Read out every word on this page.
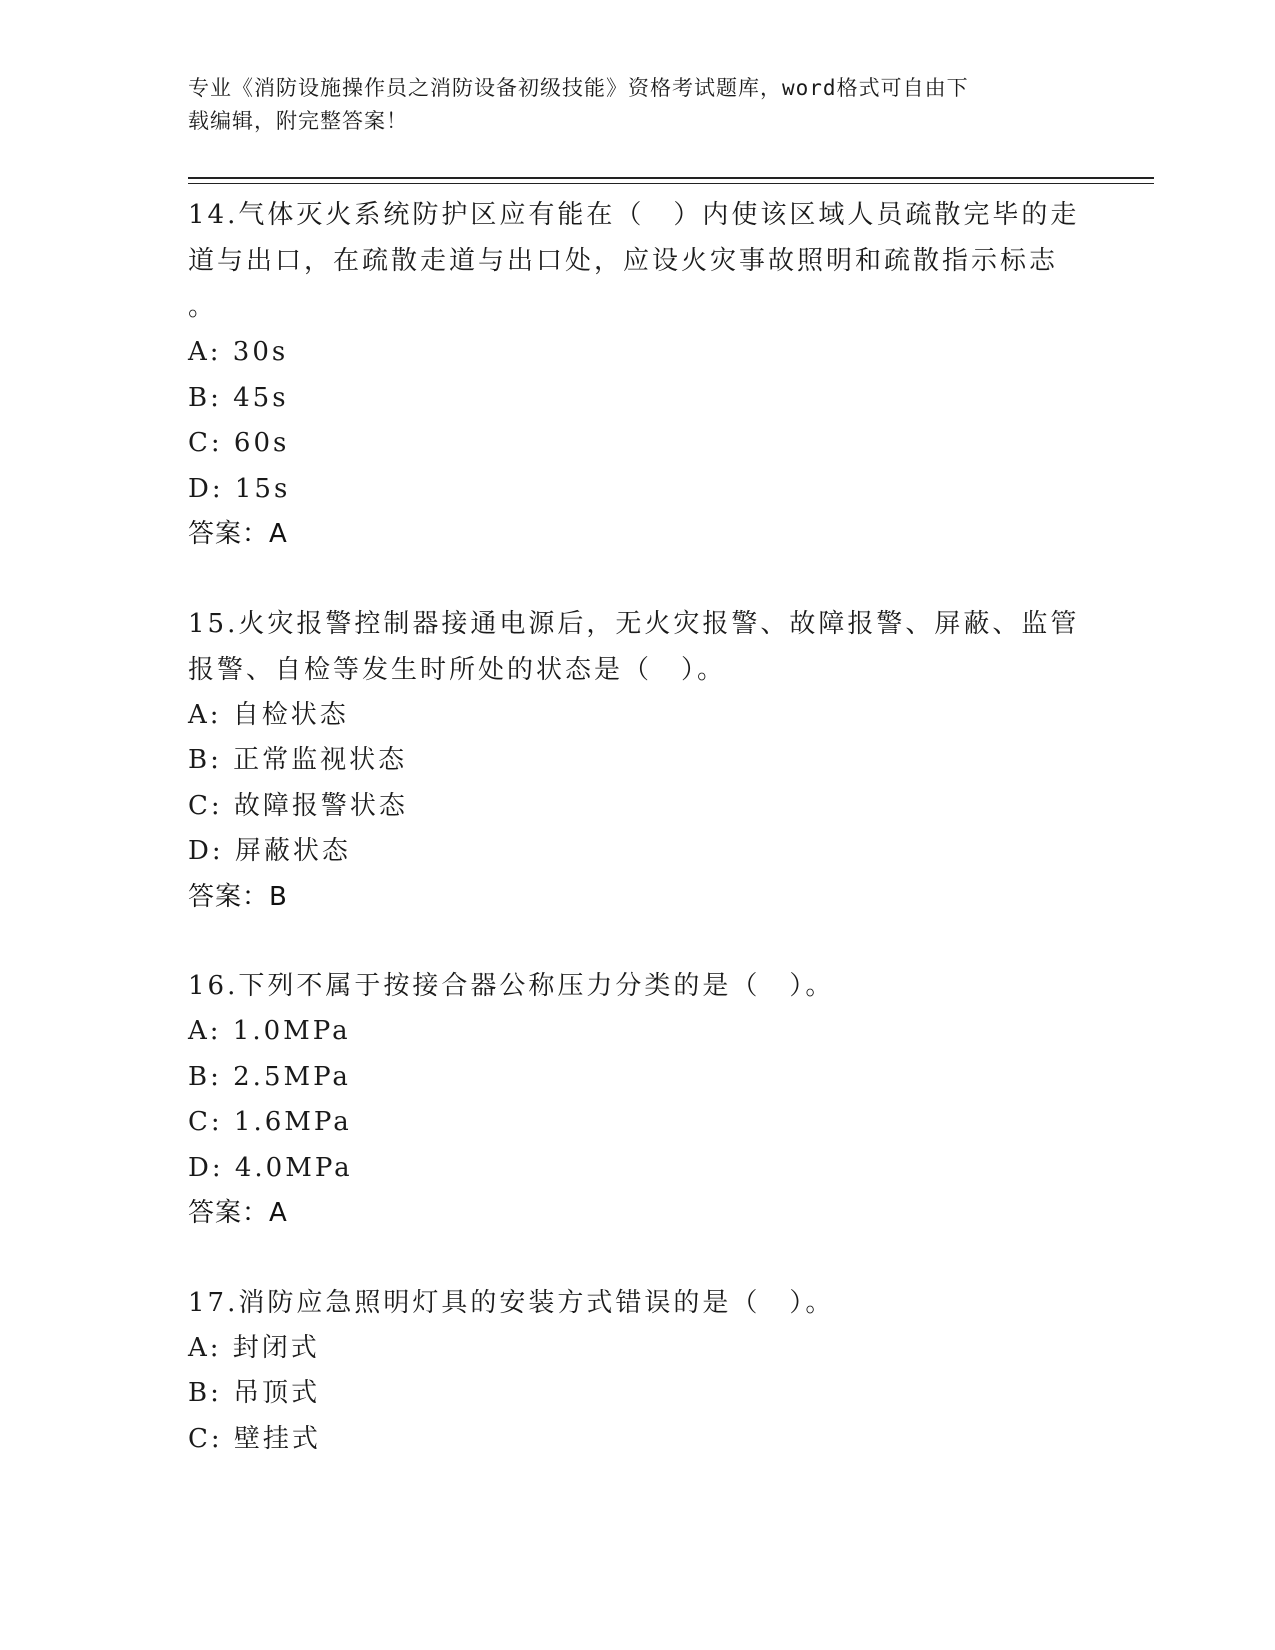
专业《消防设施操作员之消防设备初级技能》资格考试题库，word格式可自由下
载编辑，附完整答案！
14.气体灭火系统防护区应有能在（　）内使该区域人员疏散完毕的走
道与出口，在疏散走道与出口处，应设火灾事故照明和疏散指示标志
。
A: 30s
B: 45s
C: 60s
D: 15s
答案：A
15.火灾报警控制器接通电源后，无火灾报警、故障报警、屏蔽、监管
报警、自检等发生时所处的状态是（　）。
A: 自检状态
B: 正常监视状态
C: 故障报警状态
D: 屏蔽状态
答案：B
16.下列不属于按接合器公称压力分类的是（　）。
A: 1.0MPa
B: 2.5MPa
C: 1.6MPa
D: 4.0MPa
答案：A
17.消防应急照明灯具的安装方式错误的是（　）。
A: 封闭式
B: 吊顶式
C: 壁挂式
